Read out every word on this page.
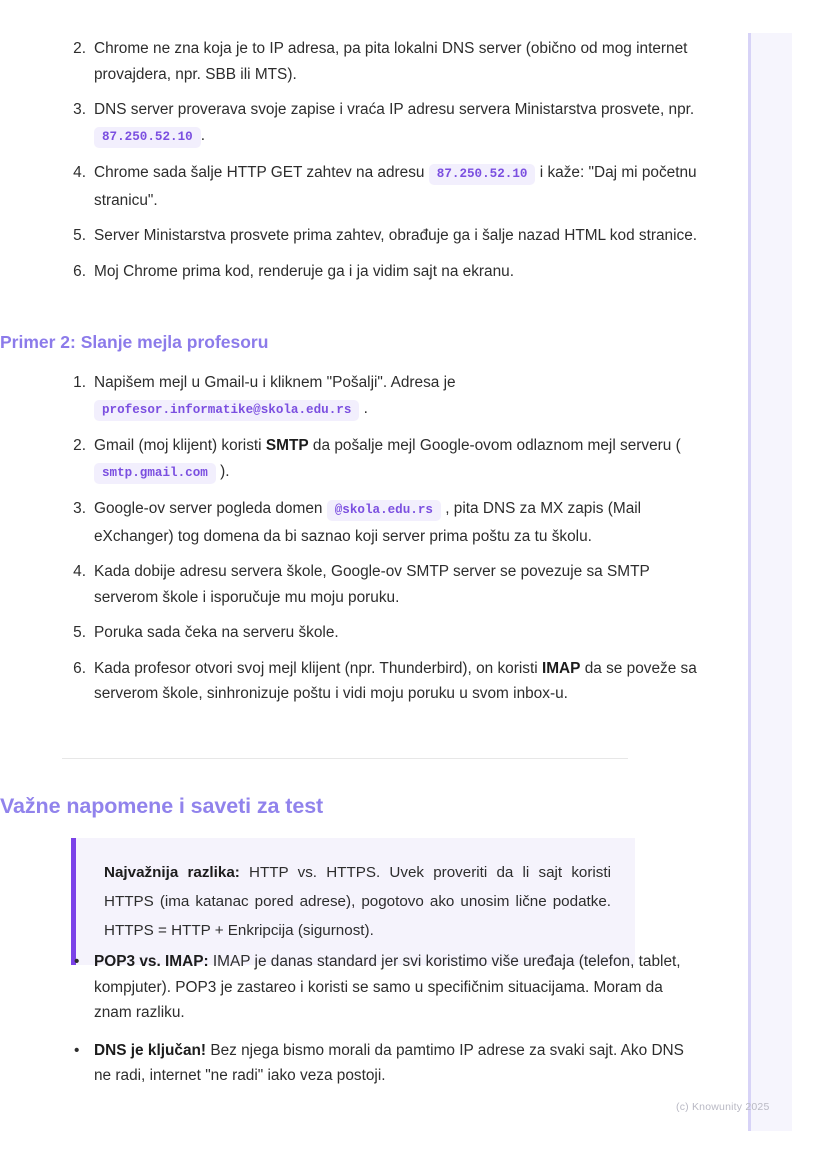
2. Chrome ne zna koja je to IP adresa, pa pita lokalni DNS server (obično od mog internet provajdera, npr. SBB ili MTS).
3. DNS server proverava svoje zapise i vraća IP adresu servera Ministarstva prosvete, npr. 87.250.52.10 .
4. Chrome sada šalje HTTP GET zahtev na adresu 87.250.52.10 i kaže: "Daj mi početnu stranicu".
5. Server Ministarstva prosvete prima zahtev, obrađuje ga i šalje nazad HTML kod stranice.
6. Moj Chrome prima kod, renderuje ga i ja vidim sajt na ekranu.
Primer 2: Slanje mejla profesoru
1. Napišem mejl u Gmail-u i kliknem "Pošalji". Adresa je profesor.informatike@skola.edu.rs .
2. Gmail (moj klijent) koristi SMTP da pošalje mejl Google-ovom odlaznom mejl serveru ( smtp.gmail.com ).
3. Google-ov server pogleda domen @skola.edu.rs , pita DNS za MX zapis (Mail eXchanger) tog domena da bi saznao koji server prima poštu za tu školu.
4. Kada dobije adresu servera škole, Google-ov SMTP server se povezuje sa SMTP serverom škole i isporučuje mu moju poruku.
5. Poruka sada čeka na serveru škole.
6. Kada profesor otvori svoj mejl klijent (npr. Thunderbird), on koristi IMAP da se poveže sa serverom škole, sinhronizuje poštu i vidi moju poruku u svom inbox-u.
Važne napomene i saveti za test

Najvažnija razlika: HTTP vs. HTTPS. Uvek proveriti da li sajt koristi HTTPS (ima katanac pored adrese), pogotovo ako unosim lične podatke. HTTPS = HTTP + Enkripcija (sigurnost).

• POP3 vs. IMAP: IMAP je danas standard jer svi koristimo više uređaja (telefon, tablet, kompjuter). POP3 je zastareo i koristi se samo u specifičnim situacijama. Moram da znam razliku.
• DNS je ključan! Bez njega bismo morali da pamtimo IP adrese za svaki sajt. Ako DNS ne radi, internet "ne radi" iako veza postoji.
(c) Knowunity 2025
